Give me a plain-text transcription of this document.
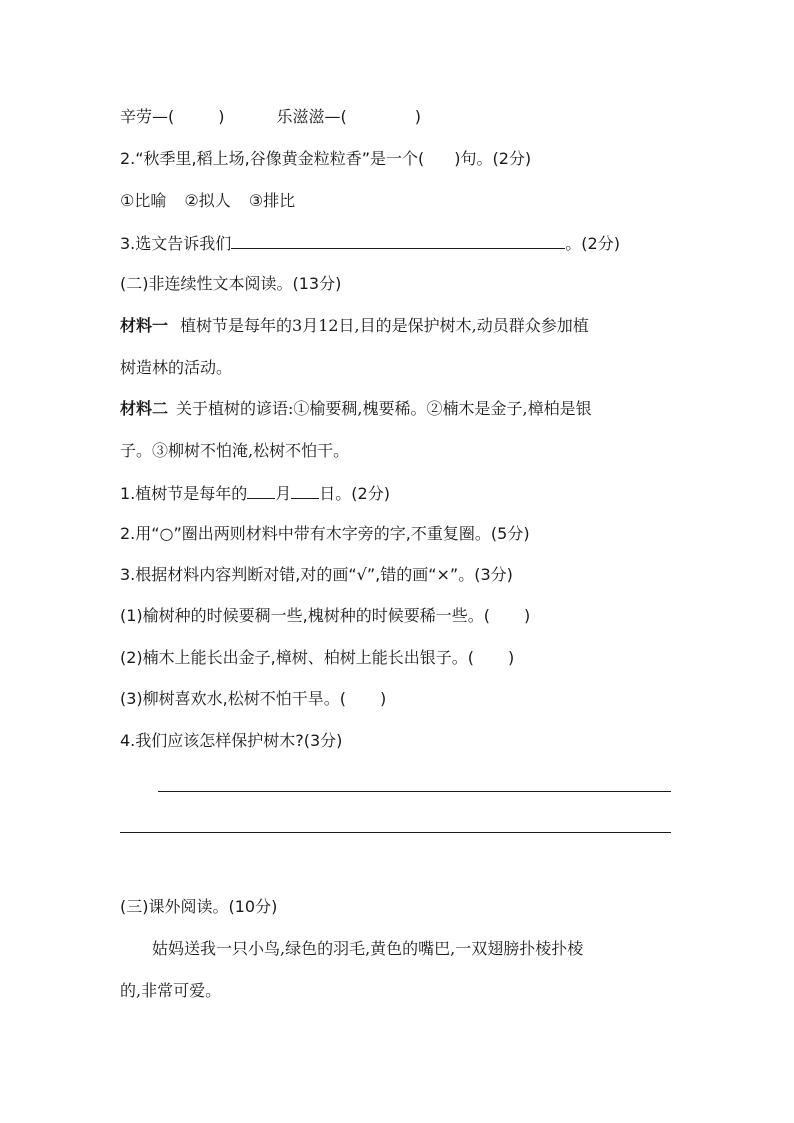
辛劳—(	)	乐滋滋—(	)
2.“秋季里,稻上场,谷像黄金粒粒香”是一个( )句。(2分)
①比喻 ②拟人 ③排比
3.选文告诉我们	。(2分)
(二)非连续性文本阅读。(13分)
材料一 植树节是每年的3月12日,目的是保护树木,动员群众参加植
树造林的活动。
材料二 关于植树的谚语:①榆要稠,槐要稀。②楠木是金子,樟柏是银
子。③柳树不怕淹,松树不怕干。
1.植树节是每年的 月 日。(2分)
2.用“○”圈出两则材料中带有木字旁的字,不重复圈。(5分)
3.根据材料内容判断对错,对的画“√”,错的画“×”。(3分)
(1)榆树种的时候要稠一些,槐树种的时候要稀一些。( )
(2)楠木上能长出金子,樟树、柏树上能长出银子。( )
(3)柳树喜欢水,松树不怕干旱。( )
4.我们应该怎样保护树木?(3分)
(三)课外阅读。(10分)
姑妈送我一只小鸟,绿色的羽毛,黄色的嘴巴,一双翅膀扑棱扑棱
的,非常可爱。
